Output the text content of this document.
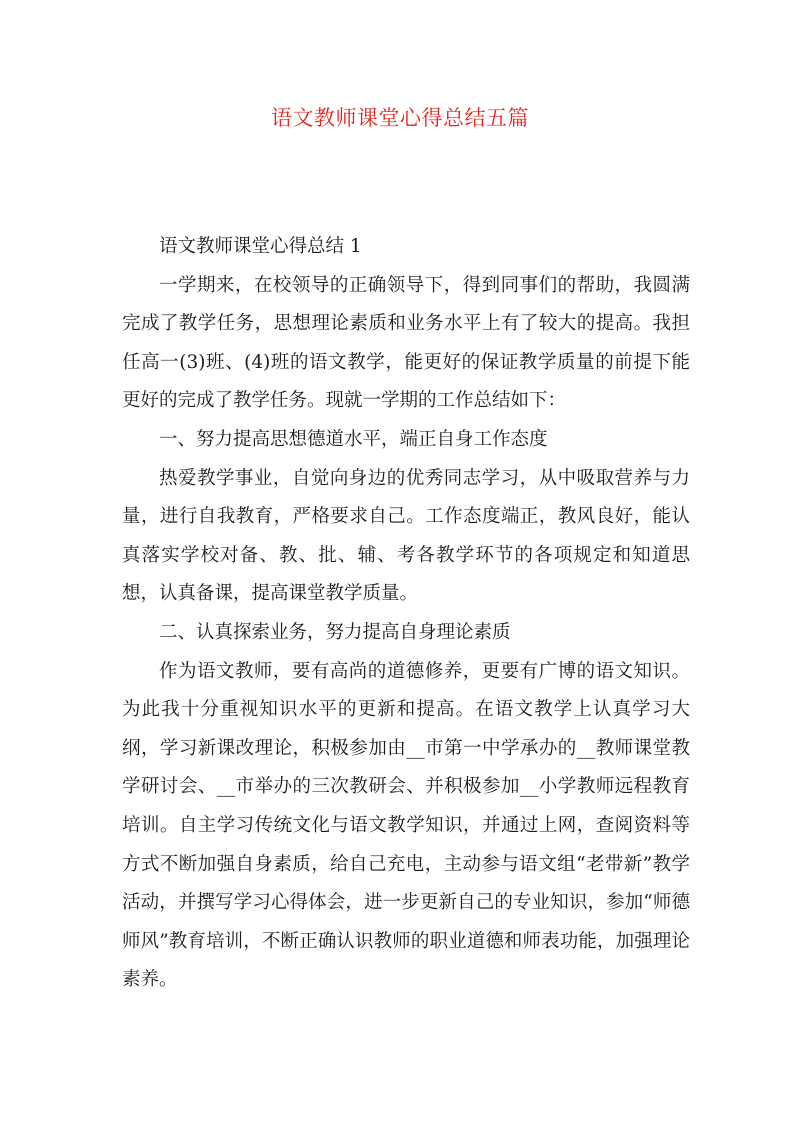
语文教师课堂心得总结五篇

语文教师课堂心得总结 1

一学期来，在校领导的正确领导下，得到同事们的帮助，我圆满完成了教学任务，思想理论素质和业务水平上有了较大的提高。我担任高一(3)班、(4)班的语文教学，能更好的保证教学质量的前提下能更好的完成了教学任务。现就一学期的工作总结如下：

一、努力提高思想德道水平，端正自身工作态度

热爱教学事业，自觉向身边的优秀同志学习，从中吸取营养与力量，进行自我教育，严格要求自己。工作态度端正，教风良好，能认真落实学校对备、教、批、辅、考各教学环节的各项规定和知道思想，认真备课，提高课堂教学质量。

二、认真探索业务，努力提高自身理论素质

作为语文教师，要有高尚的道德修养，更要有广博的语文知识。为此我十分重视知识水平的更新和提高。在语文教学上认真学习大纲，学习新课改理论，积极参加由__市第一中学承办的__教师课堂教学研讨会、__市举办的三次教研会、并积极参加__小学教师远程教育培训。自主学习传统文化与语文教学知识，并通过上网，查阅资料等方式不断加强自身素质，给自己充电，主动参与语文组“老带新”教学活动，并撰写学习心得体会，进一步更新自己的专业知识，参加“师德师风”教育培训，不断正确认识教师的职业道德和师表功能，加强理论素养。
